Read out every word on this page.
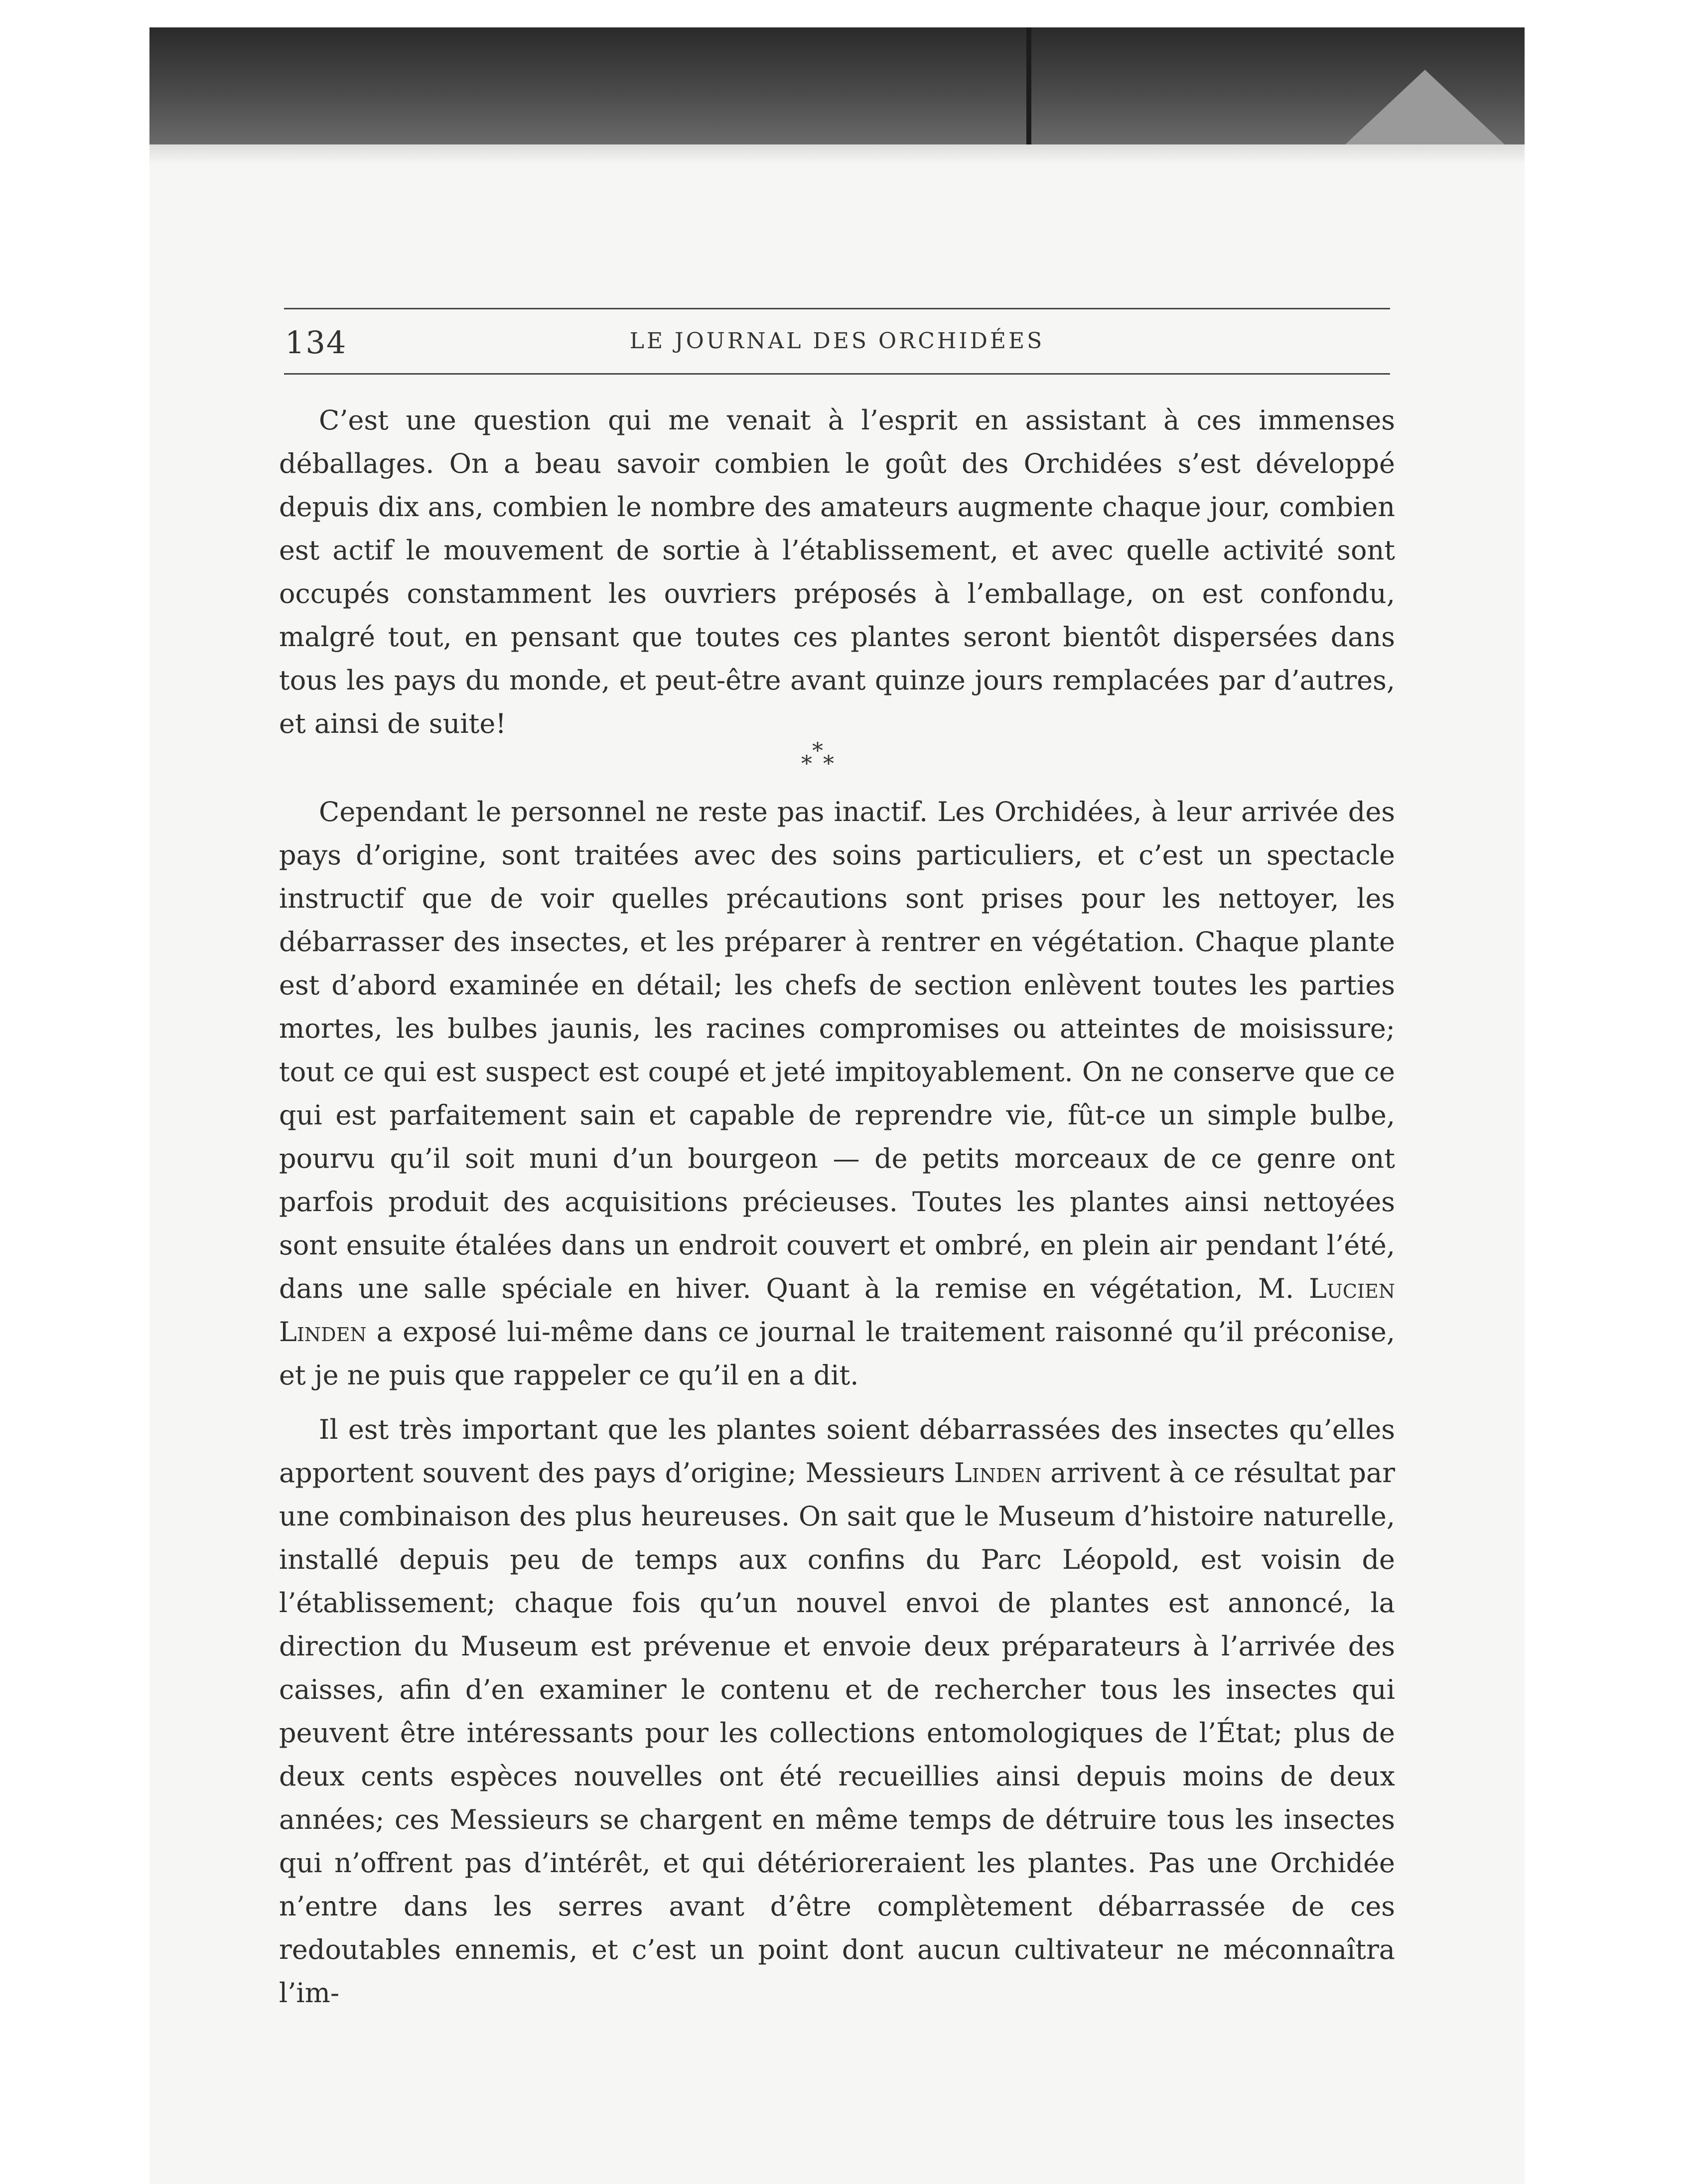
134	LE JOURNAL DES ORCHIDÉES

C’est une question qui me venait à l’esprit en assistant à ces immenses déballages. On a beau savoir combien le goût des Orchidées s’est développé depuis dix ans, combien le nombre des amateurs augmente chaque jour, combien est actif le mouvement de sortie à l’établissement, et avec quelle activité sont occupés constamment les ouvriers préposés à l’emballage, on est confondu, malgré tout, en pensant que toutes ces plantes seront bientôt dispersées dans tous les pays du monde, et peut-être avant quinze jours remplacées par d’autres, et ainsi de suite!

*
* *

Cependant le personnel ne reste pas inactif. Les Orchidées, à leur arrivée des pays d’origine, sont traitées avec des soins particuliers, et c’est un spectacle instructif que de voir quelles précautions sont prises pour les nettoyer, les débarrasser des insectes, et les préparer à rentrer en végétation. Chaque plante est d’abord examinée en détail; les chefs de section enlèvent toutes les parties mortes, les bulbes jaunis, les racines compromises ou atteintes de moisissure; tout ce qui est suspect est coupé et jeté impitoyablement. On ne conserve que ce qui est parfaitement sain et capable de reprendre vie, fût-ce un simple bulbe, pourvu qu’il soit muni d’un bourgeon — de petits morceaux de ce genre ont parfois produit des acquisitions précieuses. Toutes les plantes ainsi nettoyées sont ensuite étalées dans un endroit couvert et ombré, en plein air pendant l’été, dans une salle spéciale en hiver. Quant à la remise en végétation, M. Lucien Linden a exposé lui-même dans ce journal le traitement raisonné qu’il préconise, et je ne puis que rappeler ce qu’il en a dit.

Il est très important que les plantes soient débarrassées des insectes qu’elles apportent souvent des pays d’origine; Messieurs Linden arrivent à ce résultat par une combinaison des plus heureuses. On sait que le Museum d’histoire naturelle, installé depuis peu de temps aux confins du Parc Léopold, est voisin de l’établissement; chaque fois qu’un nouvel envoi de plantes est annoncé, la direction du Museum est prévenue et envoie deux préparateurs à l’arrivée des caisses, afin d’en examiner le contenu et de rechercher tous les insectes qui peuvent être intéressants pour les collections entomologiques de l’État; plus de deux cents espèces nouvelles ont été recueillies ainsi depuis moins de deux années; ces Messieurs se chargent en même temps de détruire tous les insectes qui n’offrent pas d’intérêt, et qui détérioreraient les plantes. Pas une Orchidée n’entre dans les serres avant d’être complètement débarrassée de ces redoutables ennemis, et c’est un point dont aucun cultivateur ne méconnaîtra l’im-
